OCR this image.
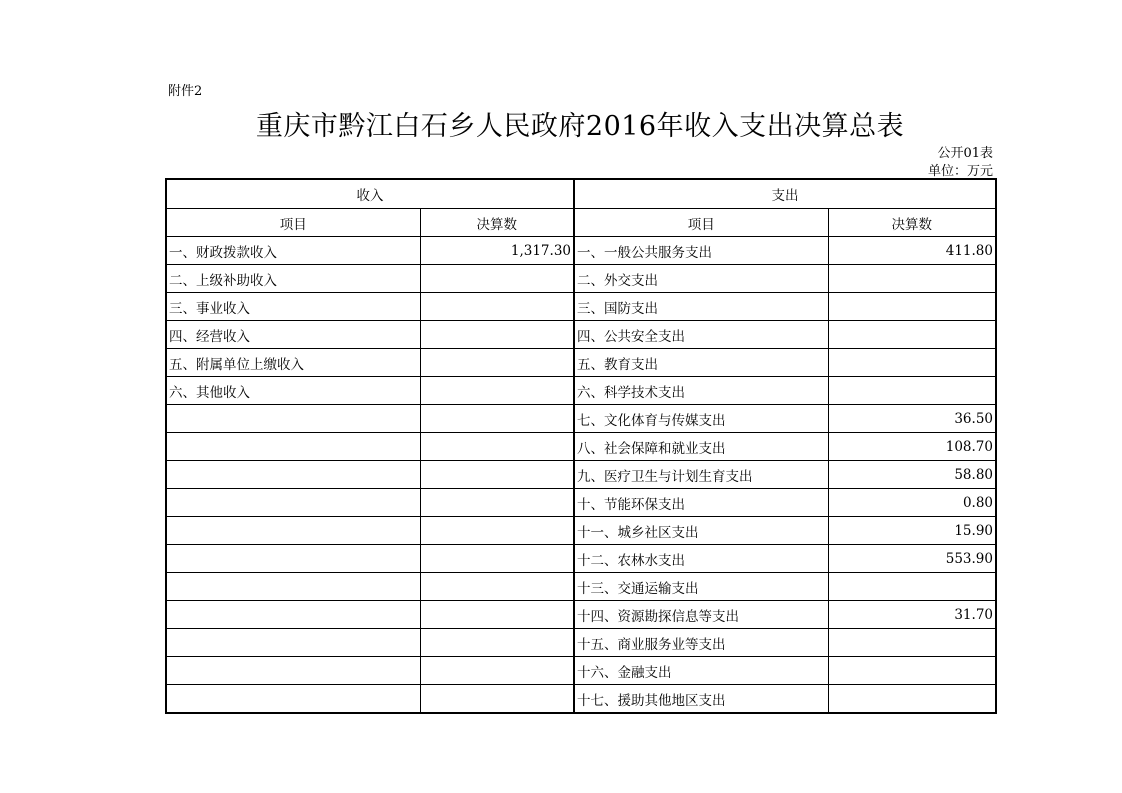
附件2
重庆市黔江白石乡人民政府2016年收入支出决算总表
公开01表
单位：万元
收入		支出	
项目	决算数	项目	决算数
一、财政拨款收入	1,317.30	一、一般公共服务支出	411.80
二、上级补助收入		二、外交支出	
三、事业收入		三、国防支出	
四、经营收入		四、公共安全支出	
五、附属单位上缴收入		五、教育支出	
六、其他收入		六、科学技术支出	
		七、文化体育与传媒支出	36.50
		八、社会保障和就业支出	108.70
		九、医疗卫生与计划生育支出	58.80
		十、节能环保支出	0.80
		十一、城乡社区支出	15.90
		十二、农林水支出	553.90
		十三、交通运输支出	
		十四、资源勘探信息等支出	31.70
		十五、商业服务业等支出	
		十六、金融支出	
		十七、援助其他地区支出	
